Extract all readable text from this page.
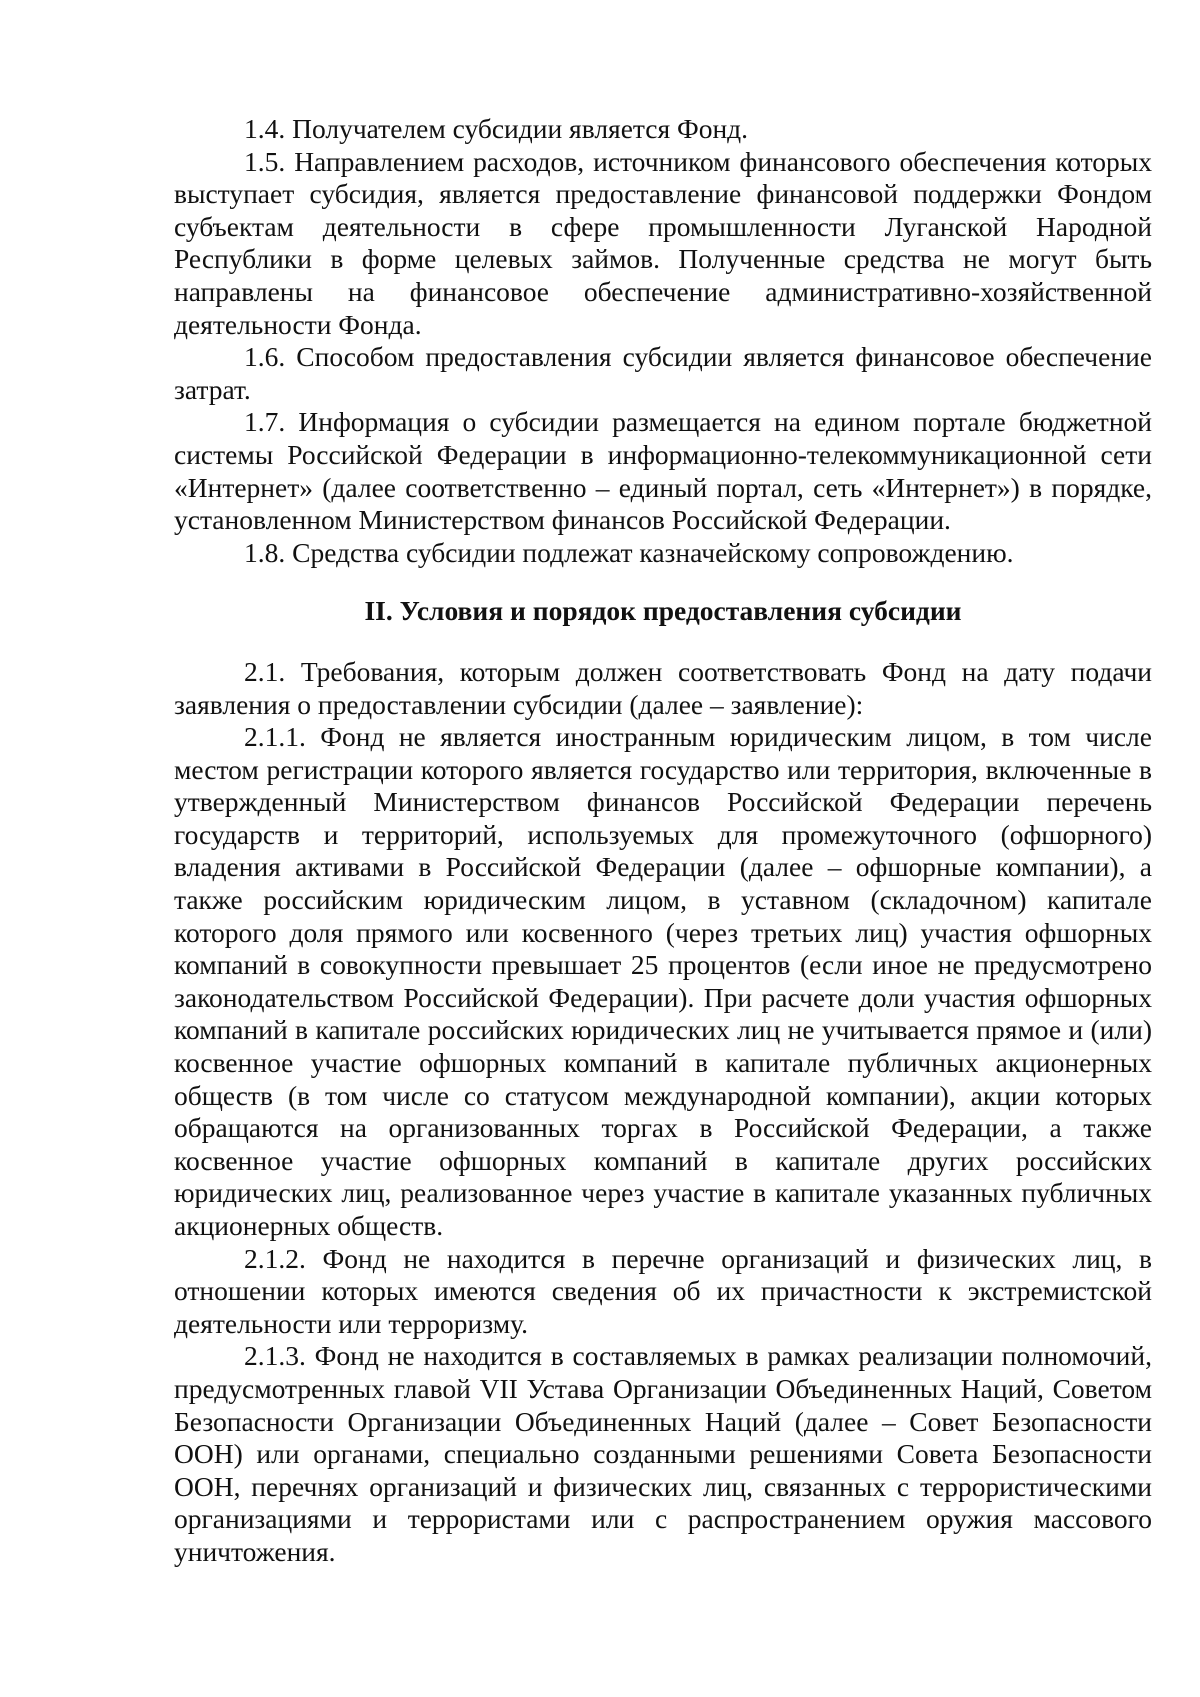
1.4. Получателем субсидии является Фонд.

1.5. Направлением расходов, источником финансового обеспечения которых выступает субсидия, является предоставление финансовой поддержки Фондом субъектам деятельности в сфере промышленности Луганской Народной Республики в форме целевых займов. Полученные средства не могут быть направлены на финансовое обеспечение административно-хозяйственной деятельности Фонда.

1.6. Способом предоставления субсидии является финансовое обеспечение затрат.

1.7. Информация о субсидии размещается на едином портале бюджетной системы Российской Федерации в информационно-телекоммуникационной сети «Интернет» (далее соответственно – единый портал, сеть «Интернет») в порядке, установленном Министерством финансов Российской Федерации.

1.8. Средства субсидии подлежат казначейскому сопровождению.

II. Условия и порядок предоставления субсидии

2.1. Требования, которым должен соответствовать Фонд на дату подачи заявления о предоставлении субсидии (далее – заявление):

2.1.1. Фонд не является иностранным юридическим лицом, в том числе местом регистрации которого является государство или территория, включенные в утвержденный Министерством финансов Российской Федерации перечень государств и территорий, используемых для промежуточного (офшорного) владения активами в Российской Федерации (далее – офшорные компании), а также российским юридическим лицом, в уставном (складочном) капитале которого доля прямого или косвенного (через третьих лиц) участия офшорных компаний в совокупности превышает 25 процентов (если иное не предусмотрено законодательством Российской Федерации). При расчете доли участия офшорных компаний в капитале российских юридических лиц не учитывается прямое и (или) косвенное участие офшорных компаний в капитале публичных акционерных обществ (в том числе со статусом международной компании), акции которых обращаются на организованных торгах в Российской Федерации, а также косвенное участие офшорных компаний в капитале других российских юридических лиц, реализованное через участие в капитале указанных публичных акционерных обществ.

2.1.2. Фонд не находится в перечне организаций и физических лиц, в отношении которых имеются сведения об их причастности к экстремистской деятельности или терроризму.

2.1.3. Фонд не находится в составляемых в рамках реализации полномочий, предусмотренных главой VII Устава Организации Объединенных Наций, Советом Безопасности Организации Объединенных Наций (далее – Совет Безопасности ООН) или органами, специально созданными решениями Совета Безопасности ООН, перечнях организаций и физических лиц, связанных с террористическими организациями и террористами или с распространением оружия массового уничтожения.
